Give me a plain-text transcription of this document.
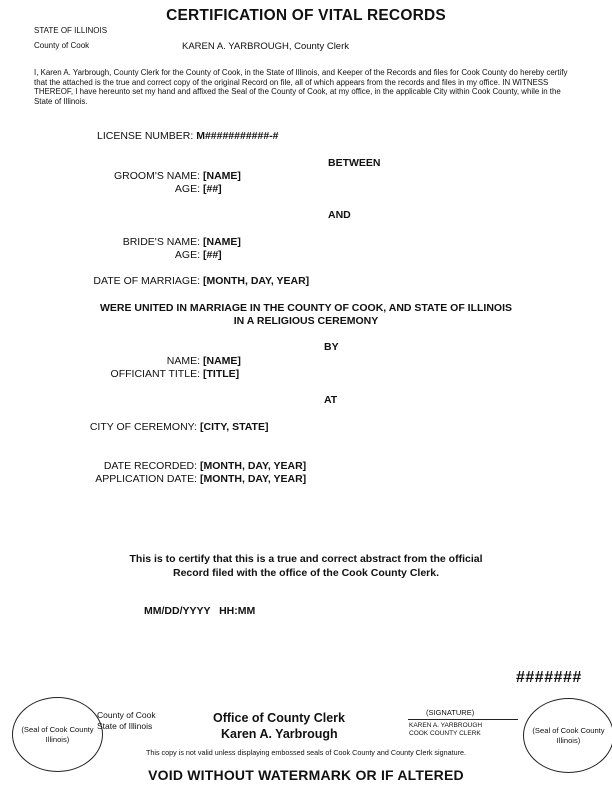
CERTIFICATION OF VITAL RECORDS
STATE OF ILLINOIS
County of Cook	KAREN A. YARBROUGH, County Clerk
I, Karen A. Yarbrough, County Clerk for the County of Cook, in the State of Illinois, and Keeper of the Records and files for Cook County do hereby certify that the attached is the true and correct copy of the original Record on file, all of which appears from the records and files in my office. IN WITNESS THEREOF, I have hereunto set my hand and affixed the Seal of the County of Cook, at my office, in the applicable City within Cook County, while in the State of Illinois.
LICENSE NUMBER: M###########-#
BETWEEN
GROOM'S NAME: [NAME]
AGE: [##]
AND
BRIDE'S NAME: [NAME]
AGE: [##]
DATE OF MARRIAGE: [MONTH, DAY, YEAR]
WERE UNITED IN MARRIAGE IN THE COUNTY OF COOK, AND STATE OF ILLINOIS
IN A RELIGIOUS CEREMONY
BY
NAME: [NAME]
OFFICIANT TITLE: [TITLE]
AT
CITY OF CEREMONY: [CITY, STATE]
DATE RECORDED: [MONTH, DAY, YEAR]
APPLICATION DATE: [MONTH, DAY, YEAR]
This is to certify that this is a true and correct abstract from the official
Record filed with the office of the Cook County Clerk.
MM/DD/YYYY   HH:MM
#######
(Seal of Cook County Illinois)
County of Cook
State of Illinois
Office of County Clerk
Karen A. Yarbrough
(SIGNATURE)
KAREN A. YARBROUGH
COOK COUNTY CLERK	(Seal of Cook County Illinois)
This copy is not valid unless displaying embossed seals of Cook County and County Clerk signature.
VOID WITHOUT WATERMARK OR IF ALTERED
